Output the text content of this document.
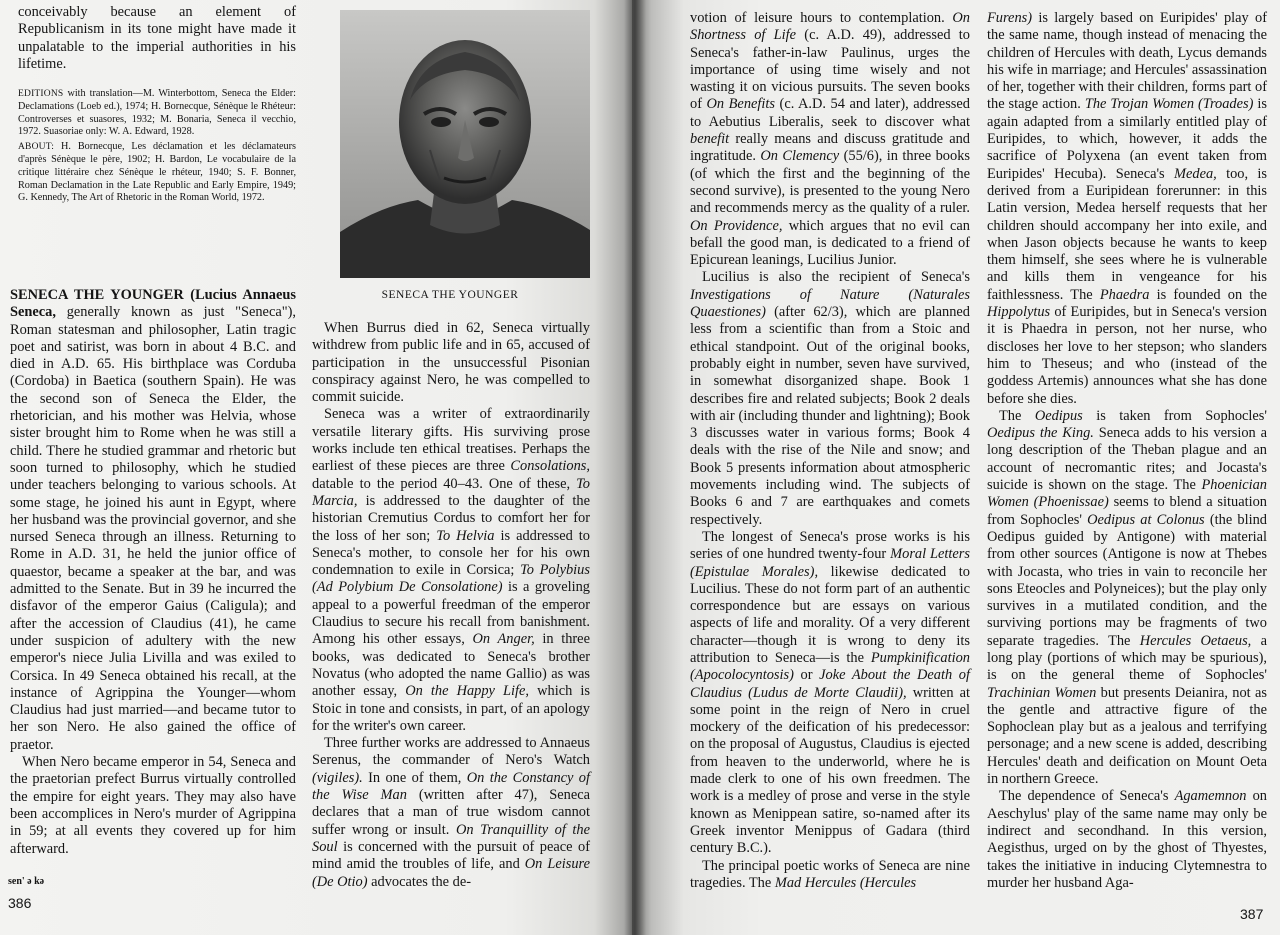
conceivably because an element of Republicanism in its tone might have made it unpalatable to the imperial authorities in his lifetime.

EDITIONS with translation—M. Winterbottom, Seneca the Elder: Declamations (Loeb ed.), 1974; H. Bornecque, Sénèque le Rhéteur: Controverses et suasores, 1932; M. Bonaria, Seneca il vecchio, 1972. Suasoriae only: W. A. Edward, 1928.

ABOUT: H. Bornecque, Les déclamation et les déclamateurs d'après Sénèque le père, 1902; H. Bardon, Le vocabulaire de la critique littéraire chez Sénèque le rhéteur, 1940; S. F. Bonner, Roman Declamation in the Late Republic and Early Empire, 1949; G. Kennedy, The Art of Rhetoric in the Roman World, 1972.

SENECA THE YOUNGER

SENECA THE YOUNGER (Lucius Annaeus Seneca, generally known as just "Seneca"), Roman statesman and philosopher, Latin tragic poet and satirist, was born in about 4 B.C. and died in A.D. 65. His birthplace was Corduba (Cordoba) in Baetica (southern Spain). He was the second son of Seneca the Elder, the rhetorician, and his mother was Helvia, whose sister brought him to Rome when he was still a child. There he studied grammar and rhetoric but soon turned to philosophy, which he studied under teachers belonging to various schools. At some stage, he joined his aunt in Egypt, where her husband was the provincial governor, and she nursed Seneca through an illness. Returning to Rome in A.D. 31, he held the junior office of quaestor, became a speaker at the bar, and was admitted to the Senate. But in 39 he incurred the disfavor of the emperor Gaius (Caligula); and after the accession of Claudius (41), he came under suspicion of adultery with the new emperor's niece Julia Livilla and was exiled to Corsica. In 49 Seneca obtained his recall, at the instance of Agrippina the Younger—whom Claudius had just married—and became tutor to her son Nero. He also gained the office of praetor.

When Nero became emperor in 54, Seneca and the praetorian prefect Burrus virtually controlled the empire for eight years. They may also have been accomplices in Nero's murder of Agrippina in 59; at all events they covered up for him afterward.

sen' ə kə
386

When Burrus died in 62, Seneca virtually withdrew from public life and in 65, accused of participation in the unsuccessful Pisonian conspiracy against Nero, he was compelled to commit suicide.

Seneca was a writer of extraordinarily versatile literary gifts. His surviving prose works include ten ethical treatises. Perhaps the earliest of these pieces are three Consolations, datable to the period 40–43. One of these, To Marcia, is addressed to the daughter of the historian Cremutius Cordus to comfort her for the loss of her son; To Helvia is addressed to Seneca's mother, to console her for his own condemnation to exile in Corsica; To Polybius (Ad Polybium De Consolatione) is a groveling appeal to a powerful freedman of the emperor Claudius to secure his recall from banishment. Among his other essays, On Anger, in three books, was dedicated to Seneca's brother Novatus (who adopted the name Gallio) as was another essay, On the Happy Life, which is Stoic in tone and consists, in part, of an apology for the writer's own career.

Three further works are addressed to Annaeus Serenus, the commander of Nero's Watch (vigiles). In one of them, On the Constancy of the Wise Man (written after 47), Seneca declares that a man of true wisdom cannot suffer wrong or insult. On Tranquillity of the Soul is concerned with the pursuit of peace of mind amid the troubles of life, and On Leisure (De Otio) advocates the de-

votion of leisure hours to contemplation. On Shortness of Life (c. A.D. 49), addressed to Seneca's father-in-law Paulinus, urges the importance of using time wisely and not wasting it on vicious pursuits. The seven books of On Benefits (c. A.D. 54 and later), addressed to Aebutius Liberalis, seek to discover what benefit really means and discuss gratitude and ingratitude. On Clemency (55/6), in three books (of which the first and the beginning of the second survive), is presented to the young Nero and recommends mercy as the quality of a ruler. On Providence, which argues that no evil can befall the good man, is dedicated to a friend of Epicurean leanings, Lucilius Junior.

Lucilius is also the recipient of Seneca's Investigations of Nature (Naturales Quaestiones) (after 62/3), which are planned less from a scientific than from a Stoic and ethical standpoint. Out of the original books, probably eight in number, seven have survived, in somewhat disorganized shape. Book 1 describes fire and related subjects; Book 2 deals with air (including thunder and lightning); Book 3 discusses water in various forms; Book 4 deals with the rise of the Nile and snow; and Book 5 presents information about atmospheric movements including wind. The subjects of Books 6 and 7 are earthquakes and comets respectively.

The longest of Seneca's prose works is his series of one hundred twenty-four Moral Letters (Epistulae Morales), likewise dedicated to Lucilius. These do not form part of an authentic correspondence but are essays on various aspects of life and morality. Of a very different character—though it is wrong to deny its attribution to Seneca—is the Pumpkinification (Apocolocyntosis) or Joke About the Death of Claudius (Ludus de Morte Claudii), written at some point in the reign of Nero in cruel mockery of the deification of his predecessor: on the proposal of Augustus, Claudius is ejected from heaven to the underworld, where he is made clerk to one of his own freedmen. The work is a medley of prose and verse in the style known as Menippean satire, so-named after its Greek inventor Menippus of Gadara (third century B.C.).

The principal poetic works of Seneca are nine tragedies. The Mad Hercules (Hercules

Furens) is largely based on Euripides' play of the same name, though instead of menacing the children of Hercules with death, Lycus demands his wife in marriage; and Hercules' assassination of her, together with their children, forms part of the stage action. The Trojan Women (Troades) is again adapted from a similarly entitled play of Euripides, to which, however, it adds the sacrifice of Polyxena (an event taken from Euripides' Hecuba). Seneca's Medea, too, is derived from a Euripidean forerunner: in this Latin version, Medea herself requests that her children should accompany her into exile, and when Jason objects because he wants to keep them himself, she sees where he is vulnerable and kills them in vengeance for his faithlessness. The Phaedra is founded on the Hippolytus of Euripides, but in Seneca's version it is Phaedra in person, not her nurse, who discloses her love to her stepson; who slanders him to Theseus; and who (instead of the goddess Artemis) announces what she has done before she dies.

The Oedipus is taken from Sophocles' Oedipus the King. Seneca adds to his version a long description of the Theban plague and an account of necromantic rites; and Jocasta's suicide is shown on the stage. The Phoenician Women (Phoenissae) seems to blend a situation from Sophocles' Oedipus at Colonus (the blind Oedipus guided by Antigone) with material from other sources (Antigone is now at Thebes with Jocasta, who tries in vain to reconcile her sons Eteocles and Polyneices); but the play only survives in a mutilated condition, and the surviving portions may be fragments of two separate tragedies. The Hercules Oetaeus, a long play (portions of which may be spurious), is on the general theme of Sophocles' Trachinian Women but presents Deianira, not as the gentle and attractive figure of the Sophoclean play but as a jealous and terrifying personage; and a new scene is added, describing Hercules' death and deification on Mount Oeta in northern Greece.

The dependence of Seneca's Agamemnon on Aeschylus' play of the same name may only be indirect and secondhand. In this version, Aegisthus, urged on by the ghost of Thyestes, takes the initiative in inducing Clytemnestra to murder her husband Aga-

387
